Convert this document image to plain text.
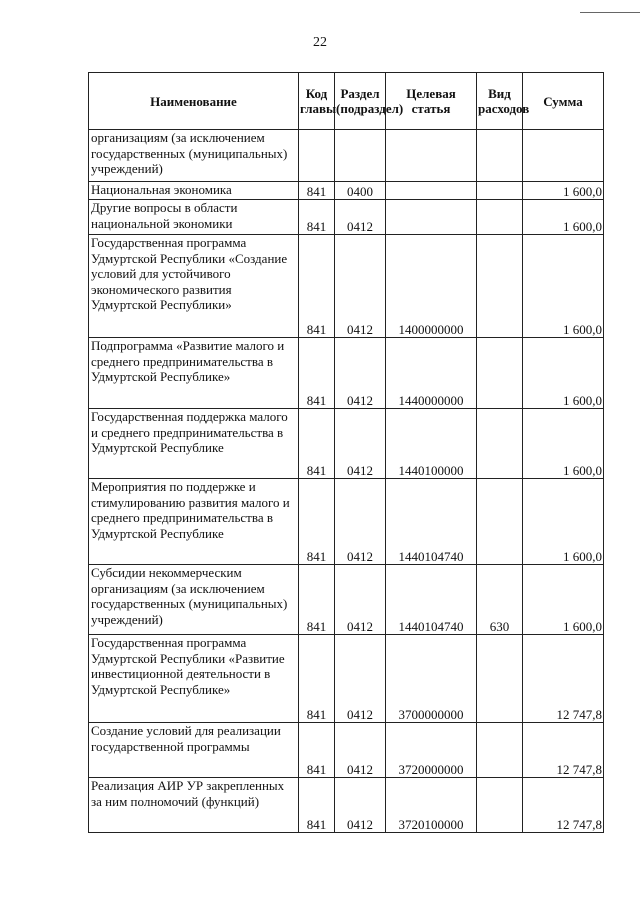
22
Наименование	Код главы	Раздел (подраздел)	Целевая статья	Вид расходов	Сумма
организациям (за исключением государственных (муниципальных) учреждений)					
Национальная экономика	841	0400			1 600,0
Другие вопросы в области национальной экономики	841	0412			1 600,0
Государственная программа Удмуртской Республики «Создание условий для устойчивого экономического развития Удмуртской Республики»	841	0412	1400000000		1 600,0
Подпрограмма «Развитие малого и среднего предпринимательства в Удмуртской Республике»	841	0412	1440000000		1 600,0
Государственная поддержка малого и среднего предпринимательства в Удмуртской Республике	841	0412	1440100000		1 600,0
Мероприятия по поддержке и стимулированию развития малого и среднего предпринимательства в Удмуртской Республике	841	0412	1440104740		1 600,0
Субсидии некоммерческим организациям (за исключением государственных (муниципальных) учреждений)	841	0412	1440104740	630	1 600,0
Государственная программа Удмуртской Республики «Развитие инвестиционной деятельности в Удмуртской Республике»	841	0412	3700000000		12 747,8
Создание условий для реализации государственной программы	841	0412	3720000000		12 747,8
Реализация АИР УР закрепленных за ним полномочий (функций)	841	0412	3720100000		12 747,8
